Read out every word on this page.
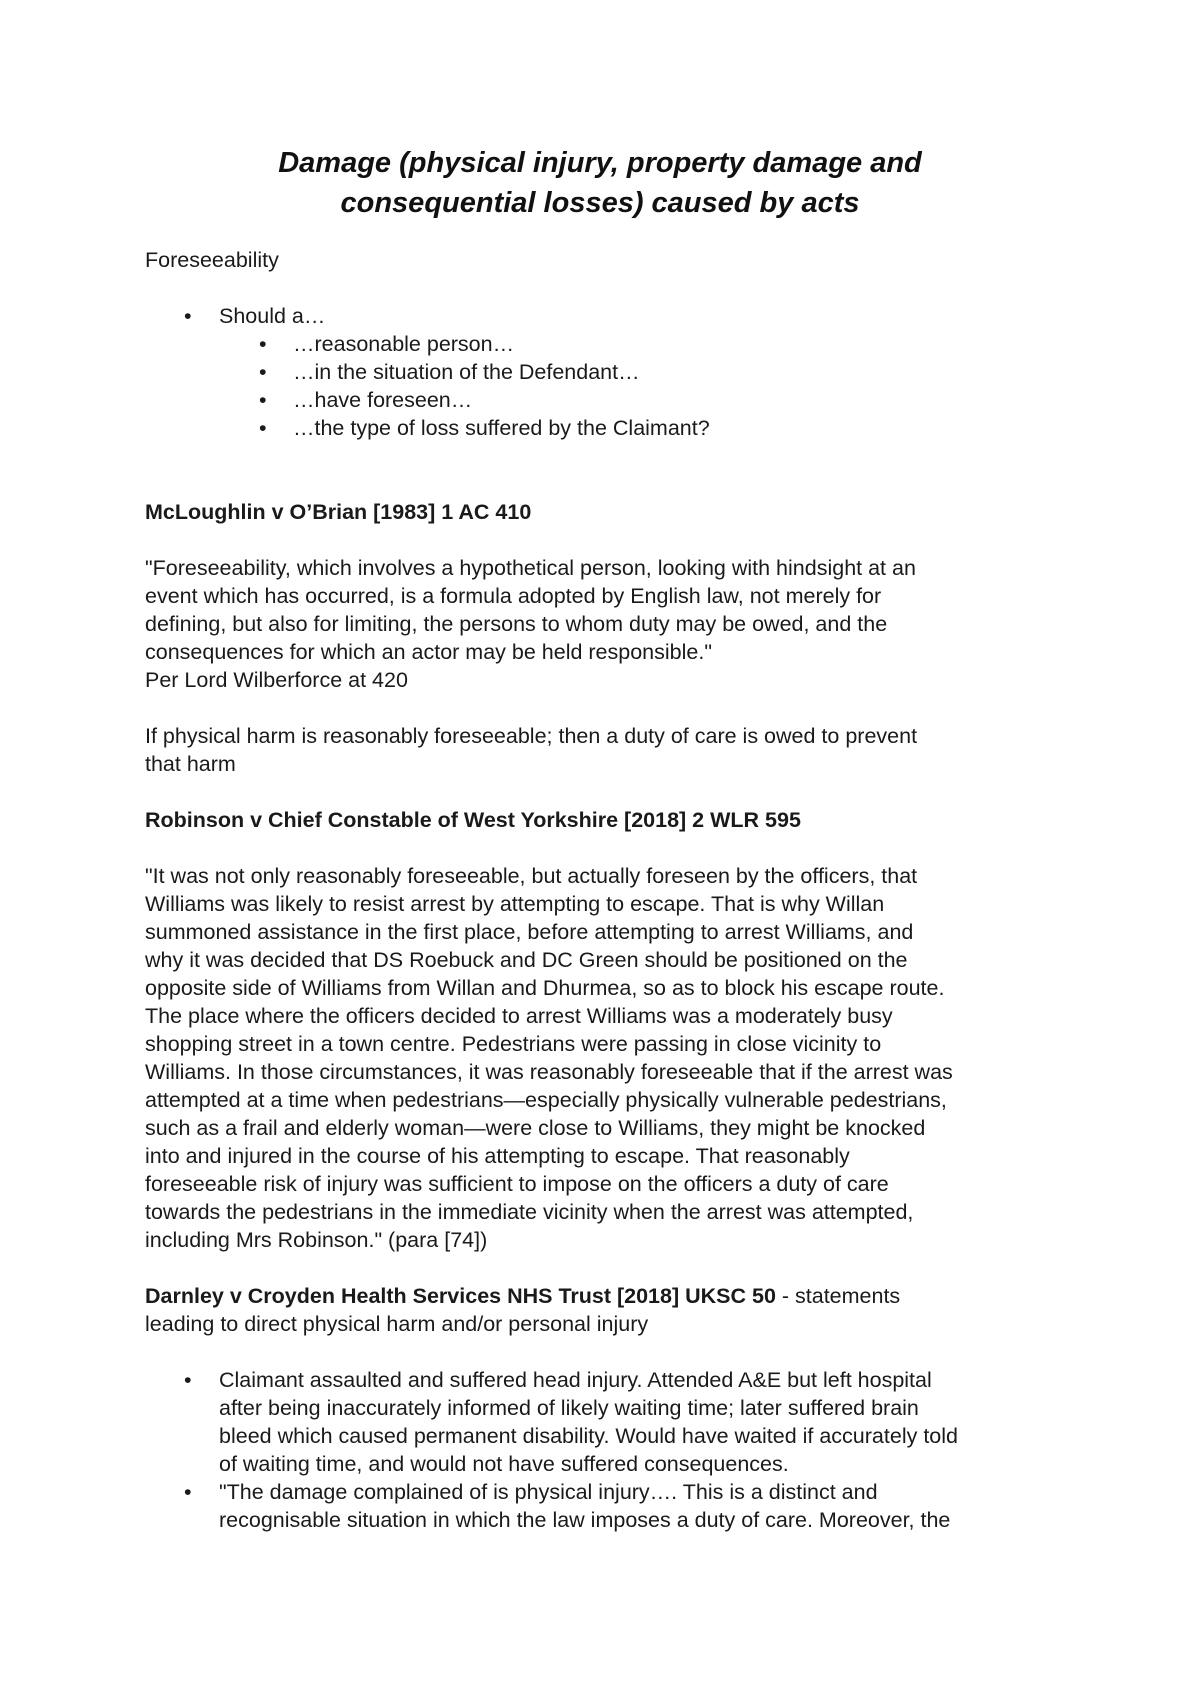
Damage (physical injury, property damage and
consequential losses) caused by acts

Foreseeability

• Should a…
• …reasonable person…
• …in the situation of the Defendant…
• …have foreseen…
• …the type of loss suffered by the Claimant?

McLoughlin v O’Brian [1983] 1 AC 410

"Foreseeability, which involves a hypothetical person, looking with hindsight at an
event which has occurred, is a formula adopted by English law, not merely for
defining, but also for limiting, the persons to whom duty may be owed, and the
consequences for which an actor may be held responsible."
Per Lord Wilberforce at 420

If physical harm is reasonably foreseeable; then a duty of care is owed to prevent
that harm

Robinson v Chief Constable of West Yorkshire [2018] 2 WLR 595

"It was not only reasonably foreseeable, but actually foreseen by the officers, that
Williams was likely to resist arrest by attempting to escape. That is why Willan
summoned assistance in the first place, before attempting to arrest Williams, and
why it was decided that DS Roebuck and DC Green should be positioned on the
opposite side of Williams from Willan and Dhurmea, so as to block his escape route.
The place where the officers decided to arrest Williams was a moderately busy
shopping street in a town centre. Pedestrians were passing in close vicinity to
Williams. In those circumstances, it was reasonably foreseeable that if the arrest was
attempted at a time when pedestrians—especially physically vulnerable pedestrians,
such as a frail and elderly woman—were close to Williams, they might be knocked
into and injured in the course of his attempting to escape. That reasonably
foreseeable risk of injury was sufficient to impose on the officers a duty of care
towards the pedestrians in the immediate vicinity when the arrest was attempted,
including Mrs Robinson." (para [74])

Darnley v Croyden Health Services NHS Trust [2018] UKSC 50 - statements
leading to direct physical harm and/or personal injury

• Claimant assaulted and suffered head injury. Attended A&E but left hospital
after being inaccurately informed of likely waiting time; later suffered brain
bleed which caused permanent disability. Would have waited if accurately told
of waiting time, and would not have suffered consequences.
• "The damage complained of is physical injury…. This is a distinct and
recognisable situation in which the law imposes a duty of care. Moreover, the
